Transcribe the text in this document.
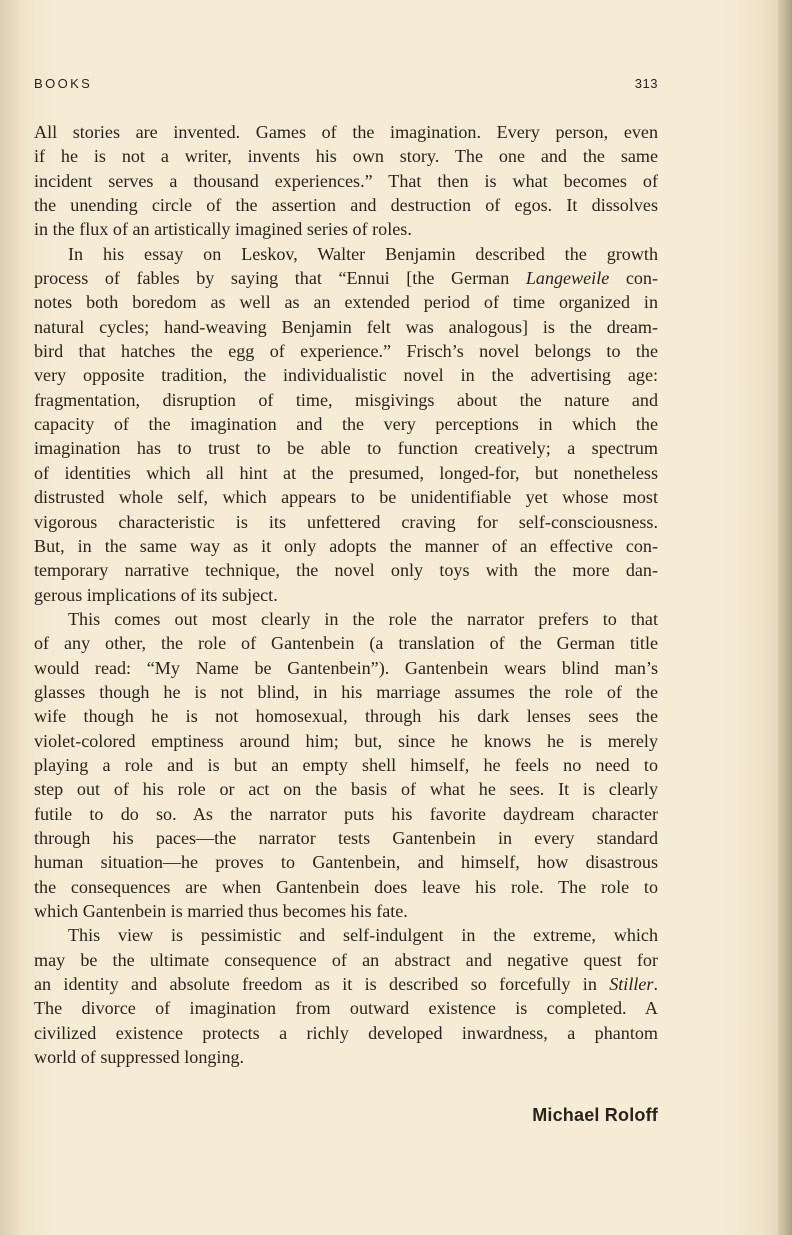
BOOKS	313
All stories are invented. Games of the imagination. Every person, even
if he is not a writer, invents his own story. The one and the same
incident serves a thousand experiences.” That then is what becomes of
the unending circle of the assertion and destruction of egos. It dissolves
in the flux of an artistically imagined series of roles.
In his essay on Leskov, Walter Benjamin described the growth
process of fables by saying that “Ennui [the German Langeweile con-
notes both boredom as well as an extended period of time organized in
natural cycles; hand-weaving Benjamin felt was analogous] is the dream-
bird that hatches the egg of experience.” Frisch’s novel belongs to the
very opposite tradition, the individualistic novel in the advertising age:
fragmentation, disruption of time, misgivings about the nature and
capacity of the imagination and the very perceptions in which the
imagination has to trust to be able to function creatively; a spectrum
of identities which all hint at the presumed, longed-for, but nonetheless
distrusted whole self, which appears to be unidentifiable yet whose most
vigorous characteristic is its unfettered craving for self-consciousness.
But, in the same way as it only adopts the manner of an effective con-
temporary narrative technique, the novel only toys with the more dan-
gerous implications of its subject.
This comes out most clearly in the role the narrator prefers to that
of any other, the role of Gantenbein (a translation of the German title
would read: “My Name be Gantenbein”). Gantenbein wears blind man’s
glasses though he is not blind, in his marriage assumes the role of the
wife though he is not homosexual, through his dark lenses sees the
violet-colored emptiness around him; but, since he knows he is merely
playing a role and is but an empty shell himself, he feels no need to
step out of his role or act on the basis of what he sees. It is clearly
futile to do so. As the narrator puts his favorite daydream character
through his paces—the narrator tests Gantenbein in every standard
human situation—he proves to Gantenbein, and himself, how disastrous
the consequences are when Gantenbein does leave his role. The role to
which Gantenbein is married thus becomes his fate.
This view is pessimistic and self-indulgent in the extreme, which
may be the ultimate consequence of an abstract and negative quest for
an identity and absolute freedom as it is described so forcefully in Stiller.
The divorce of imagination from outward existence is completed. A
civilized existence protects a richly developed inwardness, a phantom
world of suppressed longing.
Michael Roloff
